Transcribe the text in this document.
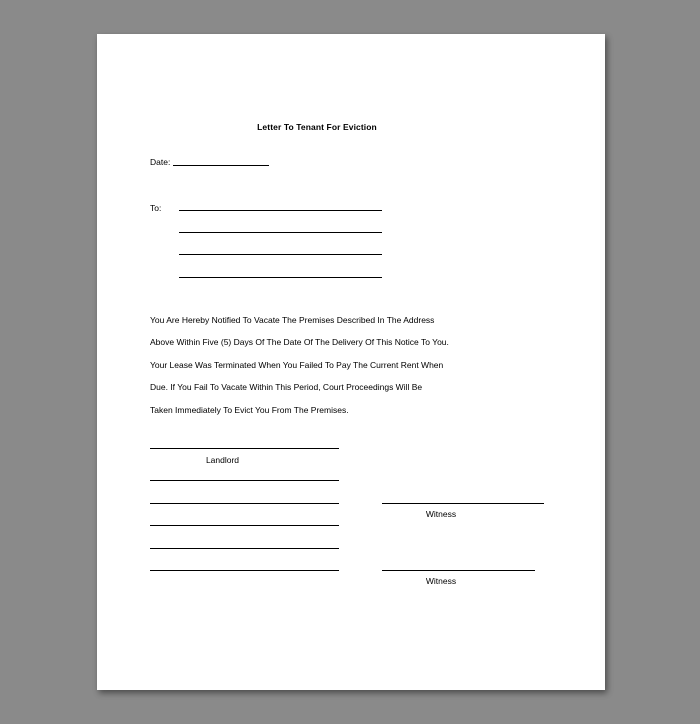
Letter To Tenant For Eviction
Date:
To:
You Are Hereby Notified To Vacate The Premises Described In The Address
Above Within Five (5) Days Of The Date Of The Delivery Of This Notice To You.
Your Lease Was Terminated When You Failed To Pay The Current Rent When
Due. If You Fail To Vacate Within This Period, Court Proceedings Will Be
Taken Immediately To Evict You From The Premises.
Landlord
Witness
Witness
